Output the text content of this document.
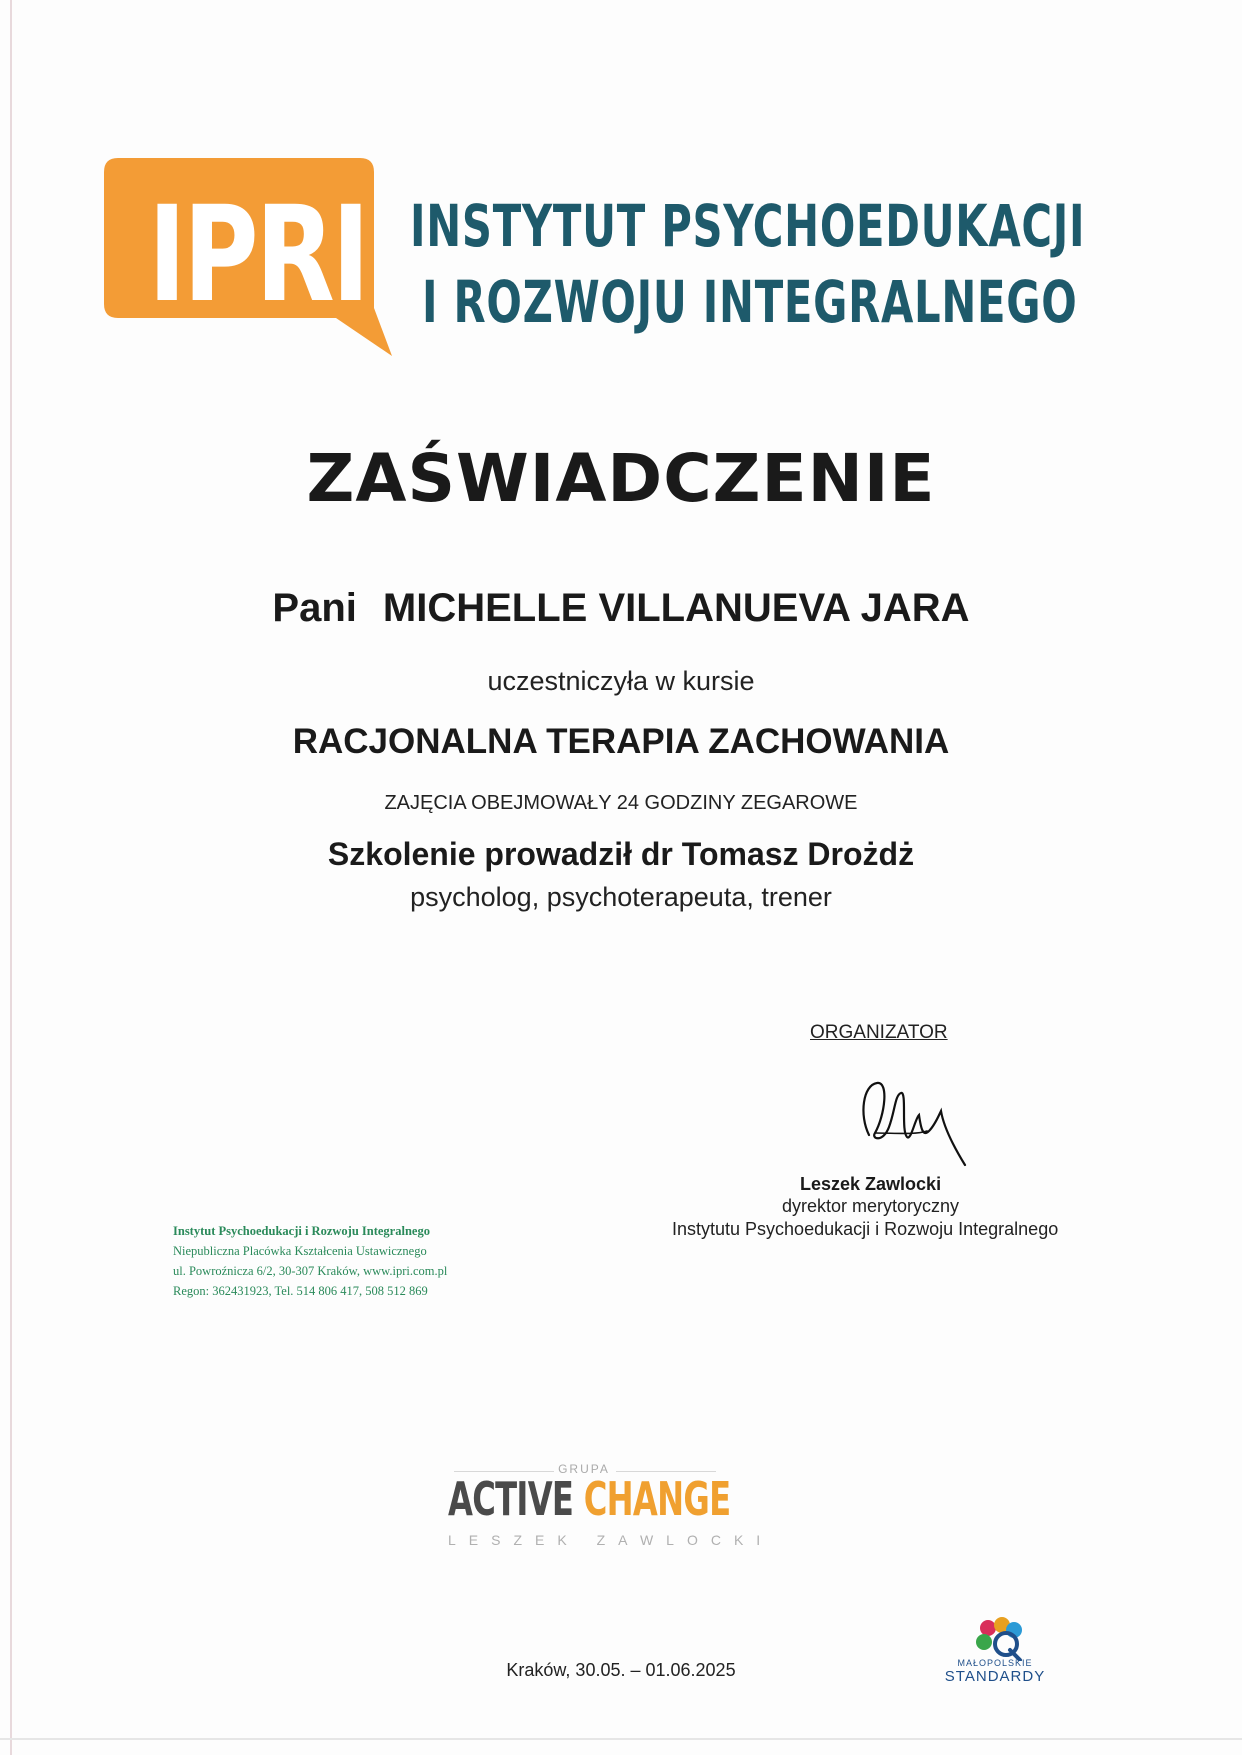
IPRI INSTYTUT PSYCHOEDUKACJI
I ROZWOJU INTEGRALNEGO
ZAŚWIADCZENIE
Pani MICHELLE VILLANUEVA JARA
uczestniczyła w kursie
RACJONALNA TERAPIA ZACHOWANIA
ZAJĘCIA OBEJMOWAŁY 24 GODZINY ZEGAROWE
Szkolenie prowadził dr Tomasz Drożdż
psycholog, psychoterapeuta, trener
ORGANIZATOR
Leszek Zawlocki
dyrektor merytoryczny
Instytutu Psychoedukacji i Rozwoju Integralnego
Instytut Psychoedukacji i Rozwoju Integralnego
Niepubliczna Placówka Kształcenia Ustawicznego
ul. Powroźnicza 6/2, 30-307 Kraków, www.ipri.com.pl
Regon: 362431923, Tel. 514 806 417, 508 512 869
GRUPA
ACTIVE CHANGE
LESZEK ZAWLOCKI
Kraków, 30.05. – 01.06.2025	MAŁOPOLSKIE
STANDARDY
